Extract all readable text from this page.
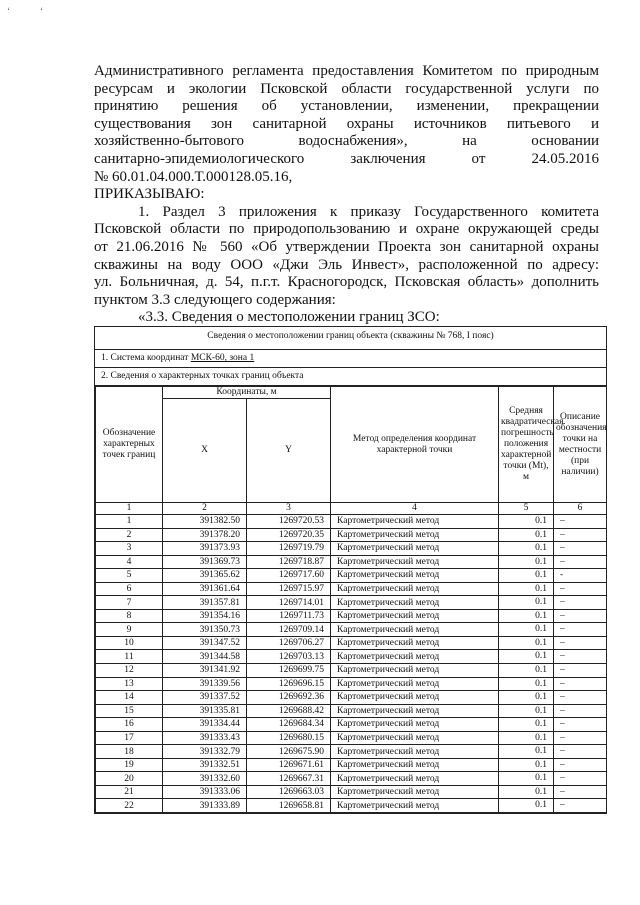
‘	‘
Административного регламента предоставления Комитетом по природным
ресурсам и экологии Псковской области государственной услуги по
принятию решения об установлении, изменении, прекращении
существования зон санитарной охраны источников питьевого и
хозяйственно-бытового водоснабжения», на основании
санитарно-эпидемиологического заключения от 24.05.2016
№ 60.01.04.000.Т.000128.05.16,
ПРИКАЗЫВАЮ:
1. Раздел 3 приложения к приказу Государственного комитета
Псковской области по природопользованию и охране окружающей среды
от 21.06.2016 № 560 «Об утверждении Проекта зон санитарной охраны
скважины на воду ООО «Джи Эль Инвест», расположенной по адресу:
ул. Больничная, д. 54, п.г.т. Красногородск, Псковская область» дополнить
пунктом 3.3 следующего содержания:
«3.3. Сведения о местоположении границ ЗСО:
Сведения о местоположении границ объекта (скважины № 768, I пояс)
1. Система координат МСК-60, зона 1
2. Сведения о характерных точках границ объекта
Обозначение характерных точек границ	Координаты, м		Метод определения координат характерной точки	Средняя квадратическая погрешность положения характерной точки (Mt), м	Описание обозначения точки на местности (при наличии)
	X	Y			
1	2	3	4	5	6
1	391382.50	1269720.53	Картометрический метод	0.1	–
2	391378.20	1269720.35	Картометрический метод	0.1	–
3	391373.93	1269719.79	Картометрический метод	0.1	–
4	391369.73	1269718.87	Картометрический метод	0.1	–
5	391365.62	1269717.60	Картометрический метод	0.1	-
6	391361.64	1269715.97	Картометрический метод	0.1	–
7	391357.81	1269714.01	Картометрический метод	0.1	–
8	391354.16	1269711.73	Картометрический метод	0.1	–
9	391350.73	1269709.14	Картометрический метод	0.1	–
10	391347.52	1269706.27	Картометрический метод	0.1	–
11	391344.58	1269703.13	Картометрический метод	0.1	–
12	391341.92	1269699.75	Картометрический метод	0.1	–
13	391339.56	1269696.15	Картометрический метод	0.1	–
14	391337.52	1269692.36	Картометрический метод	0.1	–
15	391335.81	1269688.42	Картометрический метод	0.1	–
16	391334.44	1269684.34	Картометрический метод	0.1	–
17	391333.43	1269680.15	Картометрический метод	0.1	–
18	391332.79	1269675.90	Картометрический метод	0.1	–
19	391332.51	1269671.61	Картометрический метод	0.1	–
20	391332.60	1269667.31	Картометрический метод	0.1	–
21	391333.06	1269663.03	Картометрический метод	0.1	–
22	391333.89	1269658.81	Картометрический метод	0.1	–
